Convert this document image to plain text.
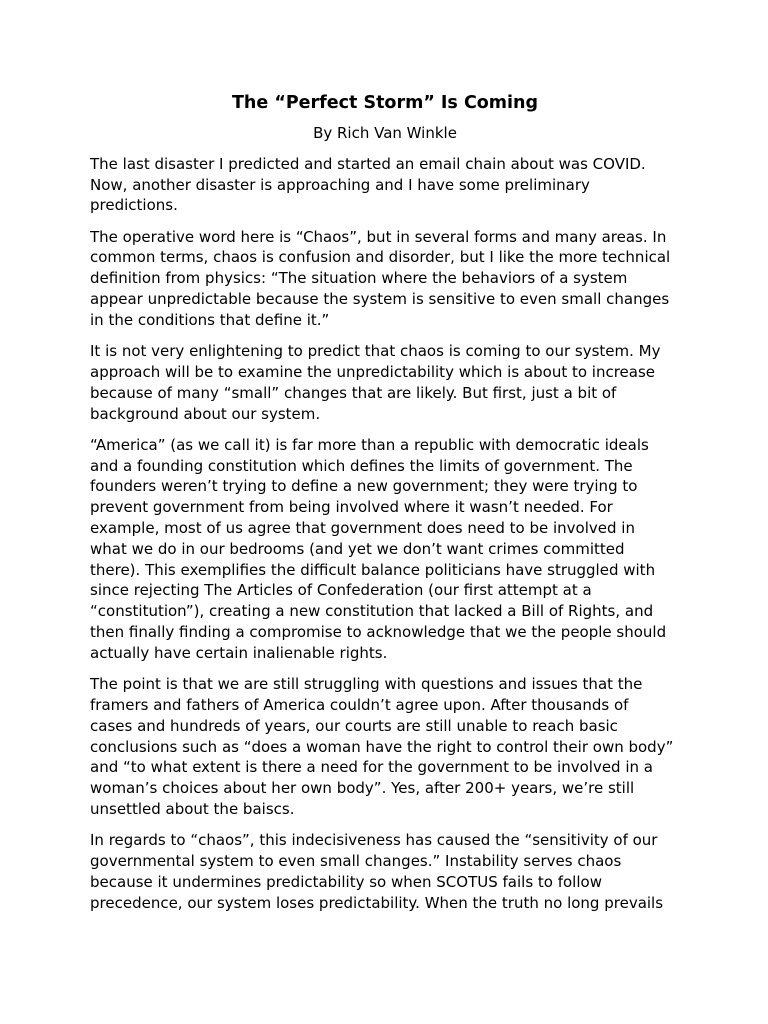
The “Perfect Storm” Is Coming
By Rich Van Winkle
The last disaster I predicted and started an email chain about was COVID.
Now, another disaster is approaching and I have some preliminary
predictions.
The operative word here is “Chaos”, but in several forms and many areas. In
common terms, chaos is confusion and disorder, but I like the more technical
definition from physics: “The situation where the behaviors of a system
appear unpredictable because the system is sensitive to even small changes
in the conditions that define it.”
It is not very enlightening to predict that chaos is coming to our system. My
approach will be to examine the unpredictability which is about to increase
because of many “small” changes that are likely. But first, just a bit of
background about our system.
“America” (as we call it) is far more than a republic with democratic ideals
and a founding constitution which defines the limits of government. The
founders weren’t trying to define a new government; they were trying to
prevent government from being involved where it wasn’t needed. For
example, most of us agree that government does need to be involved in
what we do in our bedrooms (and yet we don’t want crimes committed
there). This exemplifies the difficult balance politicians have struggled with
since rejecting The Articles of Confederation (our first attempt at a
“constitution”), creating a new constitution that lacked a Bill of Rights, and
then finally finding a compromise to acknowledge that we the people should
actually have certain inalienable rights.
The point is that we are still struggling with questions and issues that the
framers and fathers of America couldn’t agree upon. After thousands of
cases and hundreds of years, our courts are still unable to reach basic
conclusions such as “does a woman have the right to control their own body”
and “to what extent is there a need for the government to be involved in a
woman’s choices about her own body”. Yes, after 200+ years, we’re still
unsettled about the baiscs.
In regards to “chaos”, this indecisiveness has caused the “sensitivity of our
governmental system to even small changes.” Instability serves chaos
because it undermines predictability so when SCOTUS fails to follow
precedence, our system loses predictability. When the truth no long prevails
